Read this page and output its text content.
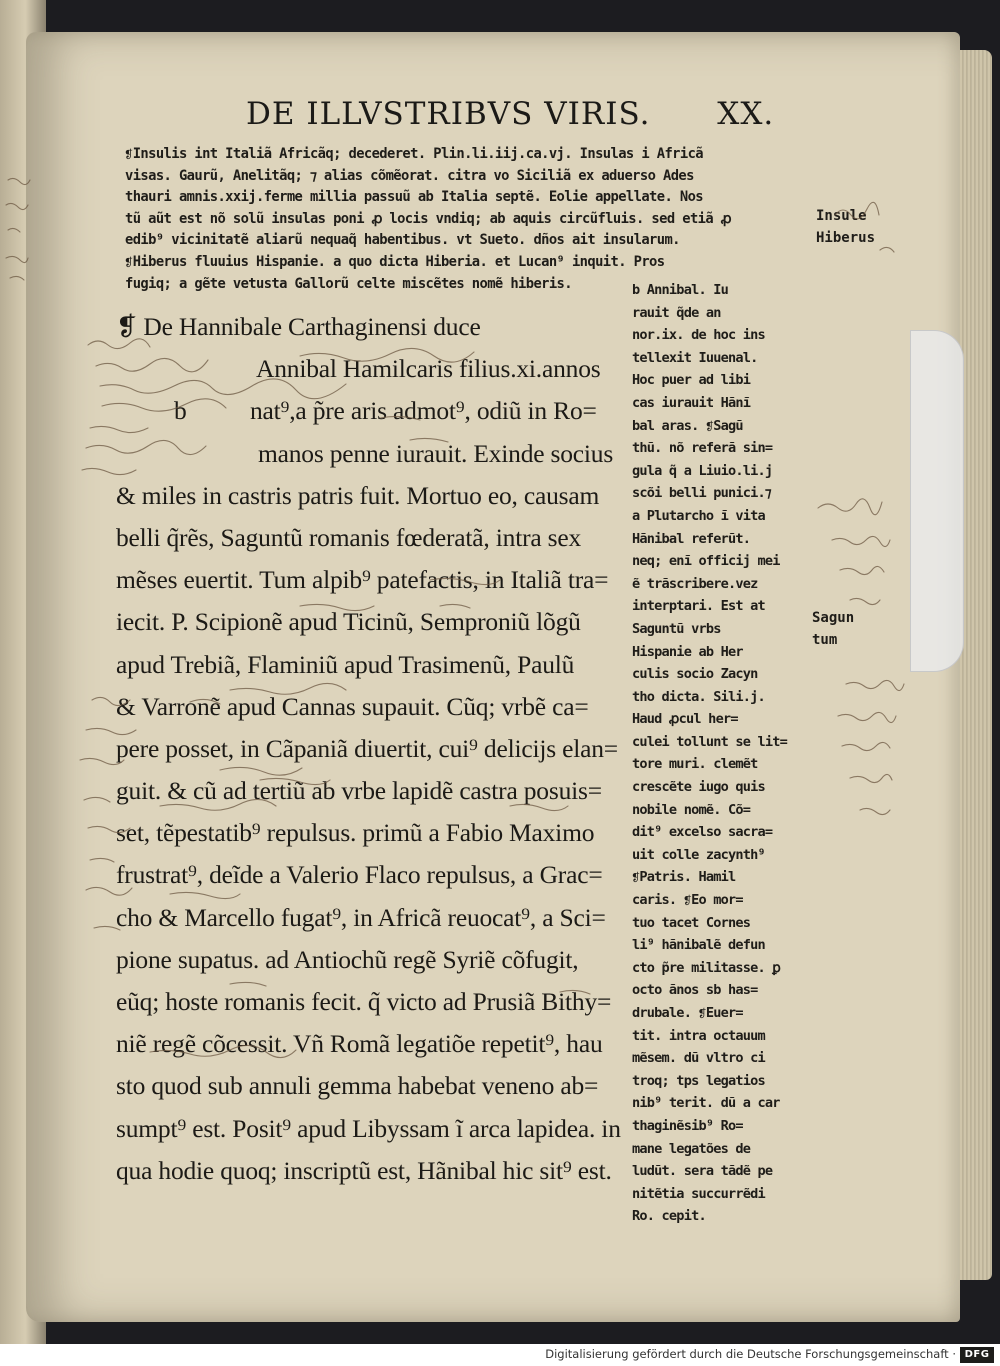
DE ILLVSTRIBVS VIRIS. XX.
❡Insulis int Italiã Africãq; decederet. Plin.li.iij.ca.vj. Insulas i Africã
visas. Gaurũ, Anelitãq; ⁊ alias cõmẽorat. citra vo Siciliã ex aduerso Ades
thauri amnis.xxij.ferme millia passuũ ab Italia septẽ. Eolie appellate. Nos
tũ aũt est nõ solũ insulas poni ꝓ locis vndiq; ab aquis circũfluis. sed etiã ꝓ
edib⁹ vicinitatẽ aliarũ nequaq̃ habentibus. vt Sueto. dños ait insularum.
❡Hiberus fluuius Hispanie. a quo dicta Hiberia. et Lucan⁹ inquit. Pros
fugiq; a gẽte vetusta Gallorũ celte miscẽtes nomẽ hiberis.
Insule
Hiberus
❡ De Hannibale Carthaginensi duce
Annibal Hamilcaris filius.xi.annos
b nat⁹,a p̃re aris admot⁹, odiũ in Ro=
manos penne iurauit. Exinde socius
& miles in castris patris fuit. Mortuo eo, causam
belli q̃rẽs, Saguntũ romanis fœderatã, intra sex
mẽses euertit. Tum alpib⁹ patefactis, in Italiã tra=
iecit. P. Scipionẽ apud Ticinũ, Semproniũ lõgũ
apud Trebiã, Flaminiũ apud Trasimenũ, Paulũ
& Varronẽ apud Cannas supauit. Cũq; vrbẽ ca=
pere posset, in Cãpaniã diuertit, cui⁹ delicijs elan=
guit. & cũ ad tertiũ ab vrbe lapidẽ castra posuis=
set, tẽpestatib⁹ repulsus. primũ a Fabio Maximo
frustrat⁹, deĩde a Valerio Flaco repulsus, a Grac=
cho & Marcello fugat⁹, in Africã reuocat⁹, a Sci=
pione supatus. ad Antiochũ regẽ Syriẽ cõfugit,
eũq; hoste romanis fecit. q̃ victo ad Prusiã Bithy=
niẽ regẽ cõcessit. Vñ Romã legatiõe repetit⁹, hau
sto quod sub annuli gemma habebat veneno ab=
sumpt⁹ est. Posit⁹ apud Libyssam ĩ arca lapidea. in
qua hodie quoq; inscriptũ est, Hãnibal hic sit⁹ est.
b Annibal. Iu
rauit q̃de an
nor.ix. de hoc ins
tellexit Iuuenal.
Hoc puer ad libi
cas iurauit Hãnĩ
bal aras. ❡Sagũ
thũ. nõ referã sin=
gula q̃ a Liuio.li.j
scõi belli punici.⁊
a Plutarcho ĩ vita
Hãnibal referũt.
neq; enĩ officij mei
ẽ trãscribere.vez
interptari. Est at
Saguntũ vrbs
Hispanie ab Her
culis socio Zacyn
tho dicta. Sili.j.
Haud ꝓcul her=
culei tollunt se lit=
tore muri. clemẽt
crescẽte iugo quis
nobile nomẽ. Cõ=
dit⁹ excelso sacra=
uit colle zacynth⁹
❡Patris. Hamil
caris. ❡Eo mor=
tuo tacet Cornes
li⁹ hãnibalẽ defun
cto p̃re militasse. ꝑ
octo ãnos sb has=
drubale. ❡Euer=
tit. intra octauum
mẽsem. dũ vltro ci
troq; tps legatios
nib⁹ terit. dũ a car
thaginẽsib⁹ Ro=
mane legatões de
ludũt. sera tãdẽ pe
nitẽtia succurrẽdi
Ro. cepit.
Sagun
tum
Digitalisierung gefördert durch die Deutsche Forschungsgemeinschaft · DFG
